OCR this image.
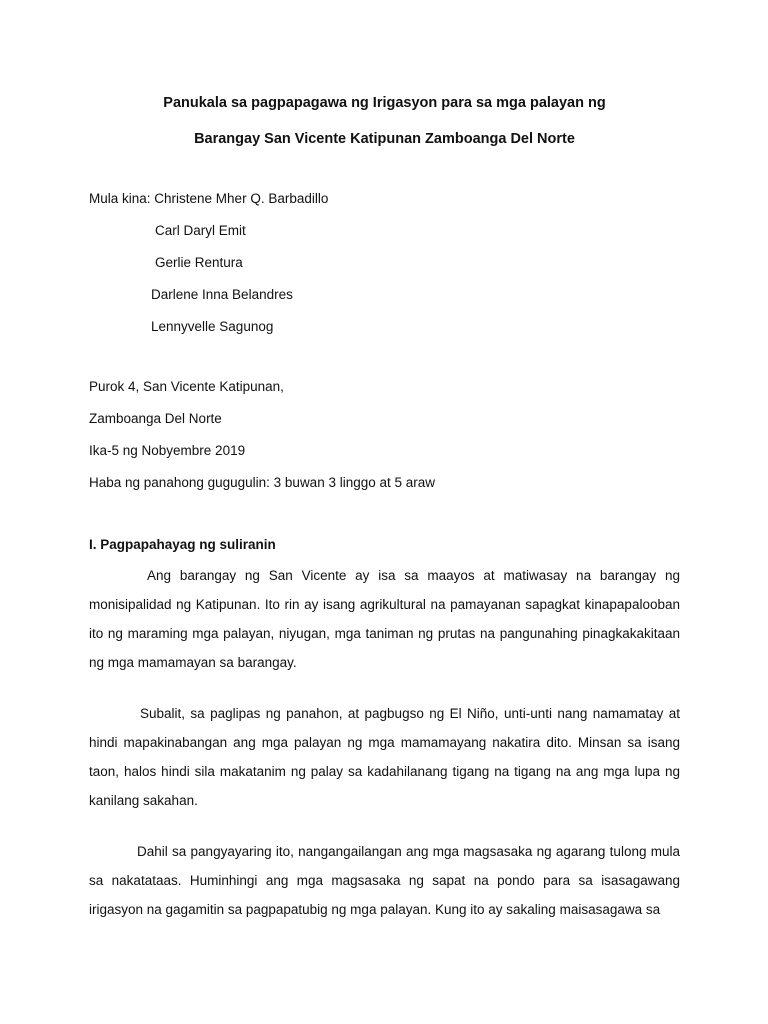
Panukala sa pagpapagawa ng Irigasyon para sa mga palayan ng
Barangay San Vicente Katipunan Zamboanga Del Norte
Mula kina: Christene Mher Q. Barbadillo
Carl Daryl Emit
Gerlie Rentura
Darlene Inna Belandres
Lennyvelle Sagunog
Purok 4, San Vicente Katipunan,
Zamboanga Del Norte
Ika-5 ng Nobyembre 2019
Haba ng panahong gugugulin: 3 buwan 3 linggo at 5 araw
I. Pagpapahayag ng suliranin

Ang barangay ng San Vicente ay isa sa maayos at matiwasay na barangay ng monisipalidad ng Katipunan. Ito rin ay isang agrikultural na pamayanan sapagkat kinapapalooban ito ng maraming mga palayan, niyugan, mga taniman ng prutas na pangunahing pinagkakakitaan ng mga mamamayan sa barangay.

Subalit, sa paglipas ng panahon, at pagbugso ng El Niño, unti-unti nang namamatay at hindi mapakinabangan ang mga palayan ng mga mamamayang nakatira dito. Minsan sa isang taon, halos hindi sila makatanim ng palay sa kadahilanang tigang na tigang na ang mga lupa ng kanilang sakahan.

Dahil sa pangyayaring ito, nangangailangan ang mga magsasaka ng agarang tulong mula sa nakatataas. Huminhingi ang mga magsasaka ng sapat na pondo para sa isasagawang irigasyon na gagamitin sa pagpapatubig ng mga palayan. Kung ito ay sakaling maisasagawa sa
